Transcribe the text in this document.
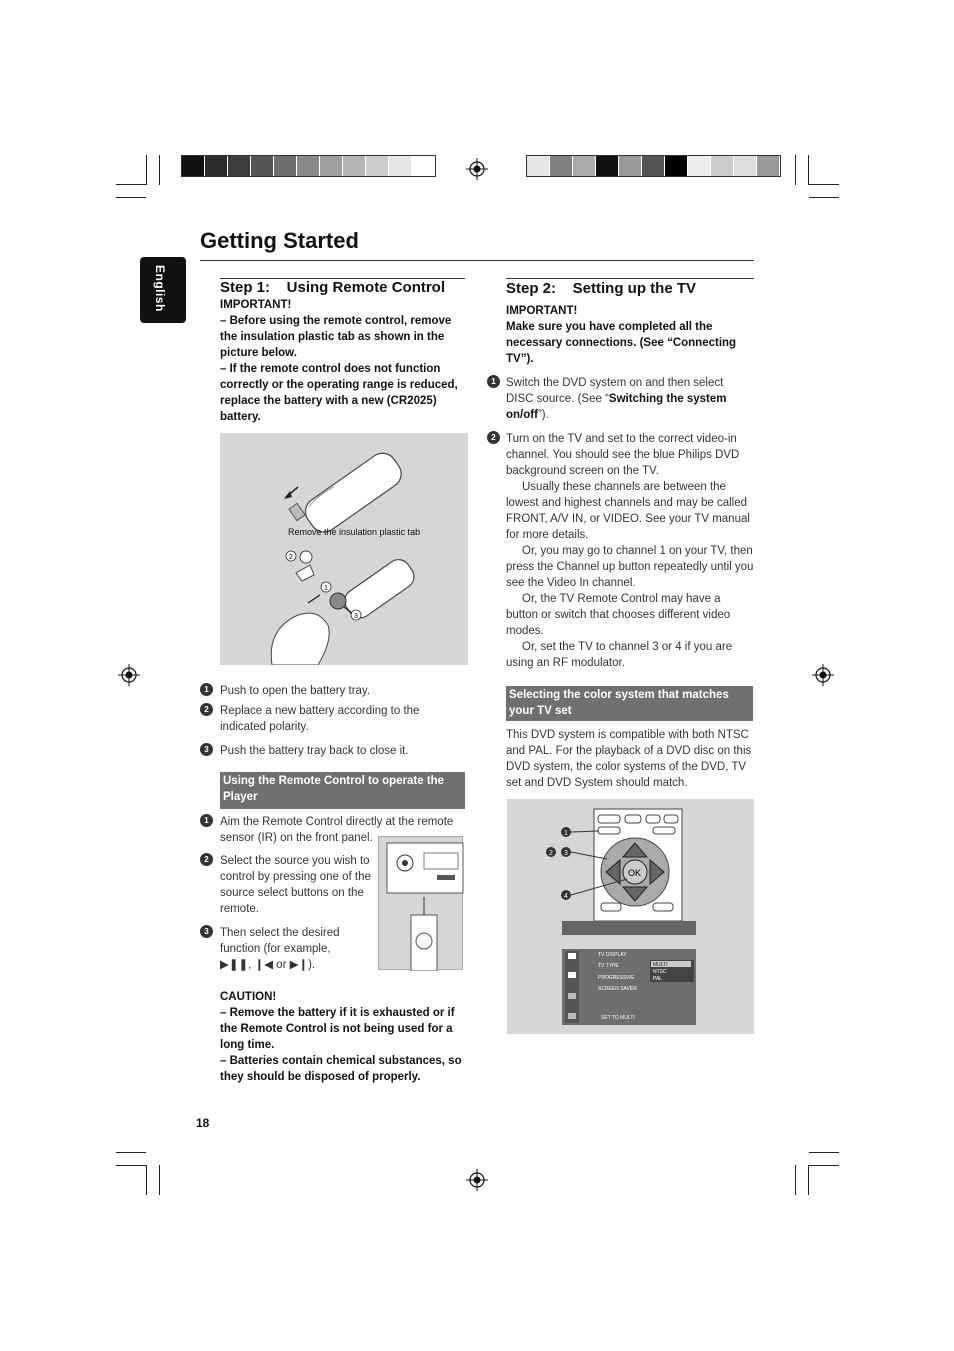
Getting Started
English	Step 1:    Using Remote Control

IMPORTANT!

– Before using the remote control, remove the insulation plastic tab as shown in the picture below.

– If the remote control does not function correctly or the operating range is reduced, replace the battery with a new (CR2025) battery.

Remove the insulation plastic tab
2
1
3
1 Push to open the battery tray.

2 Replace a new battery according to the indicated polarity.

3 Push the battery tray back to close it.

Using the Remote Control to operate the Player
1 Aim the Remote Control directly at the remote sensor (IR) on the front panel.

2 Select the source you wish to control by pressing one of the source select buttons on the remote.

3 Then select the desired function (for example, ▶❚❚, ❙◀ or ▶❙).

CAUTION!

– Remove the battery if it is exhausted or if the Remote Control is not being used for a long time.

– Batteries contain chemical substances, so they should be disposed of properly.

18
Step 2:    Setting up the TV

IMPORTANT!

Make sure you have completed all the necessary connections. (See “Connecting TV”).

1 Switch the DVD system on and then select DISC source. (See “Switching the system on/off”).

2 Turn on the TV and set to the correct video-in channel. You should see the blue Philips DVD background screen on the TV.

Usually these channels are between the lowest and highest channels and may be called FRONT, A/V IN, or VIDEO. See your TV manual for more details.

Or, you may go to channel 1 on your TV, then press the Channel up button repeatedly until you see the Video In channel.

Or, the TV Remote Control may have a button or switch that chooses different video modes.

Or, set the TV to channel 3 or 4 if you are using an RF modulator.

Selecting the color system that matches your TV set

This DVD system is compatible with both NTSC and PAL. For the playback of a DVD disc on this DVD system, the color systems of the DVD, TV set and DVD System should match.

OK
1
2 3
4
TV DISPLAY
TV TYPE
PROGRESSIVE
SCREEN SAVER
MULTI
NTSC
PAL
SET TO MULTI
